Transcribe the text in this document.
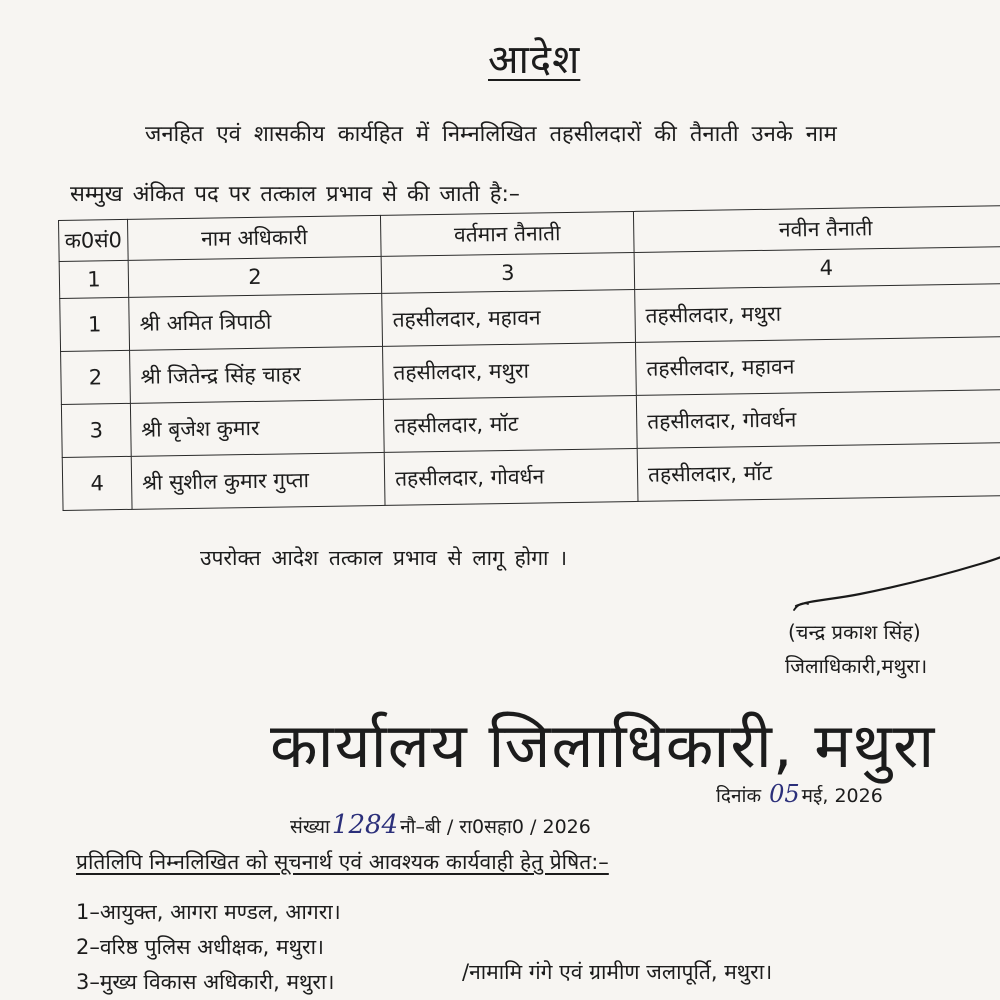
आदेश
जनहित एवं शासकीय कार्यहित में निम्नलिखित तहसीलदारों की तैनाती उनके नाम
सम्मुख अंकित पद पर तत्काल प्रभाव से की जाती है:–
क0सं0	नाम अधिकारी	वर्तमान तैनाती	नवीन तैनाती
1	2	3	4
1	श्री अमित त्रिपाठी	तहसीलदार, महावन	तहसीलदार, मथुरा
2	श्री जितेन्द्र सिंह चाहर	तहसीलदार, मथुरा	तहसीलदार, महावन
3	श्री बृजेश कुमार	तहसीलदार, मॉट	तहसीलदार, गोवर्धन
4	श्री सुशील कुमार गुप्ता	तहसीलदार, गोवर्धन	तहसीलदार, मॉट
उपरोक्त आदेश तत्काल प्रभाव से लागू होगा ।
(चन्द्र प्रकाश सिंह)
जिलाधिकारी,मथुरा।
कार्यालय जिलाधिकारी, मथुरा
संख्या1284 नौ–बी / रा0सहा0 / 2026
दिनांक 05 मई, 2026
प्रतिलिपि निम्नलिखित को सूचनार्थ एवं आवश्यक कार्यवाही हेतु प्रेषित:–
1–आयुक्त, आगरा मण्डल, आगरा।
2–वरिष्ठ पुलिस अधीक्षक, मथुरा।
3–मुख्य विकास अधिकारी, मथुरा।	/नामामि गंगे एवं ग्रामीण जलापूर्ति, मथुरा।
